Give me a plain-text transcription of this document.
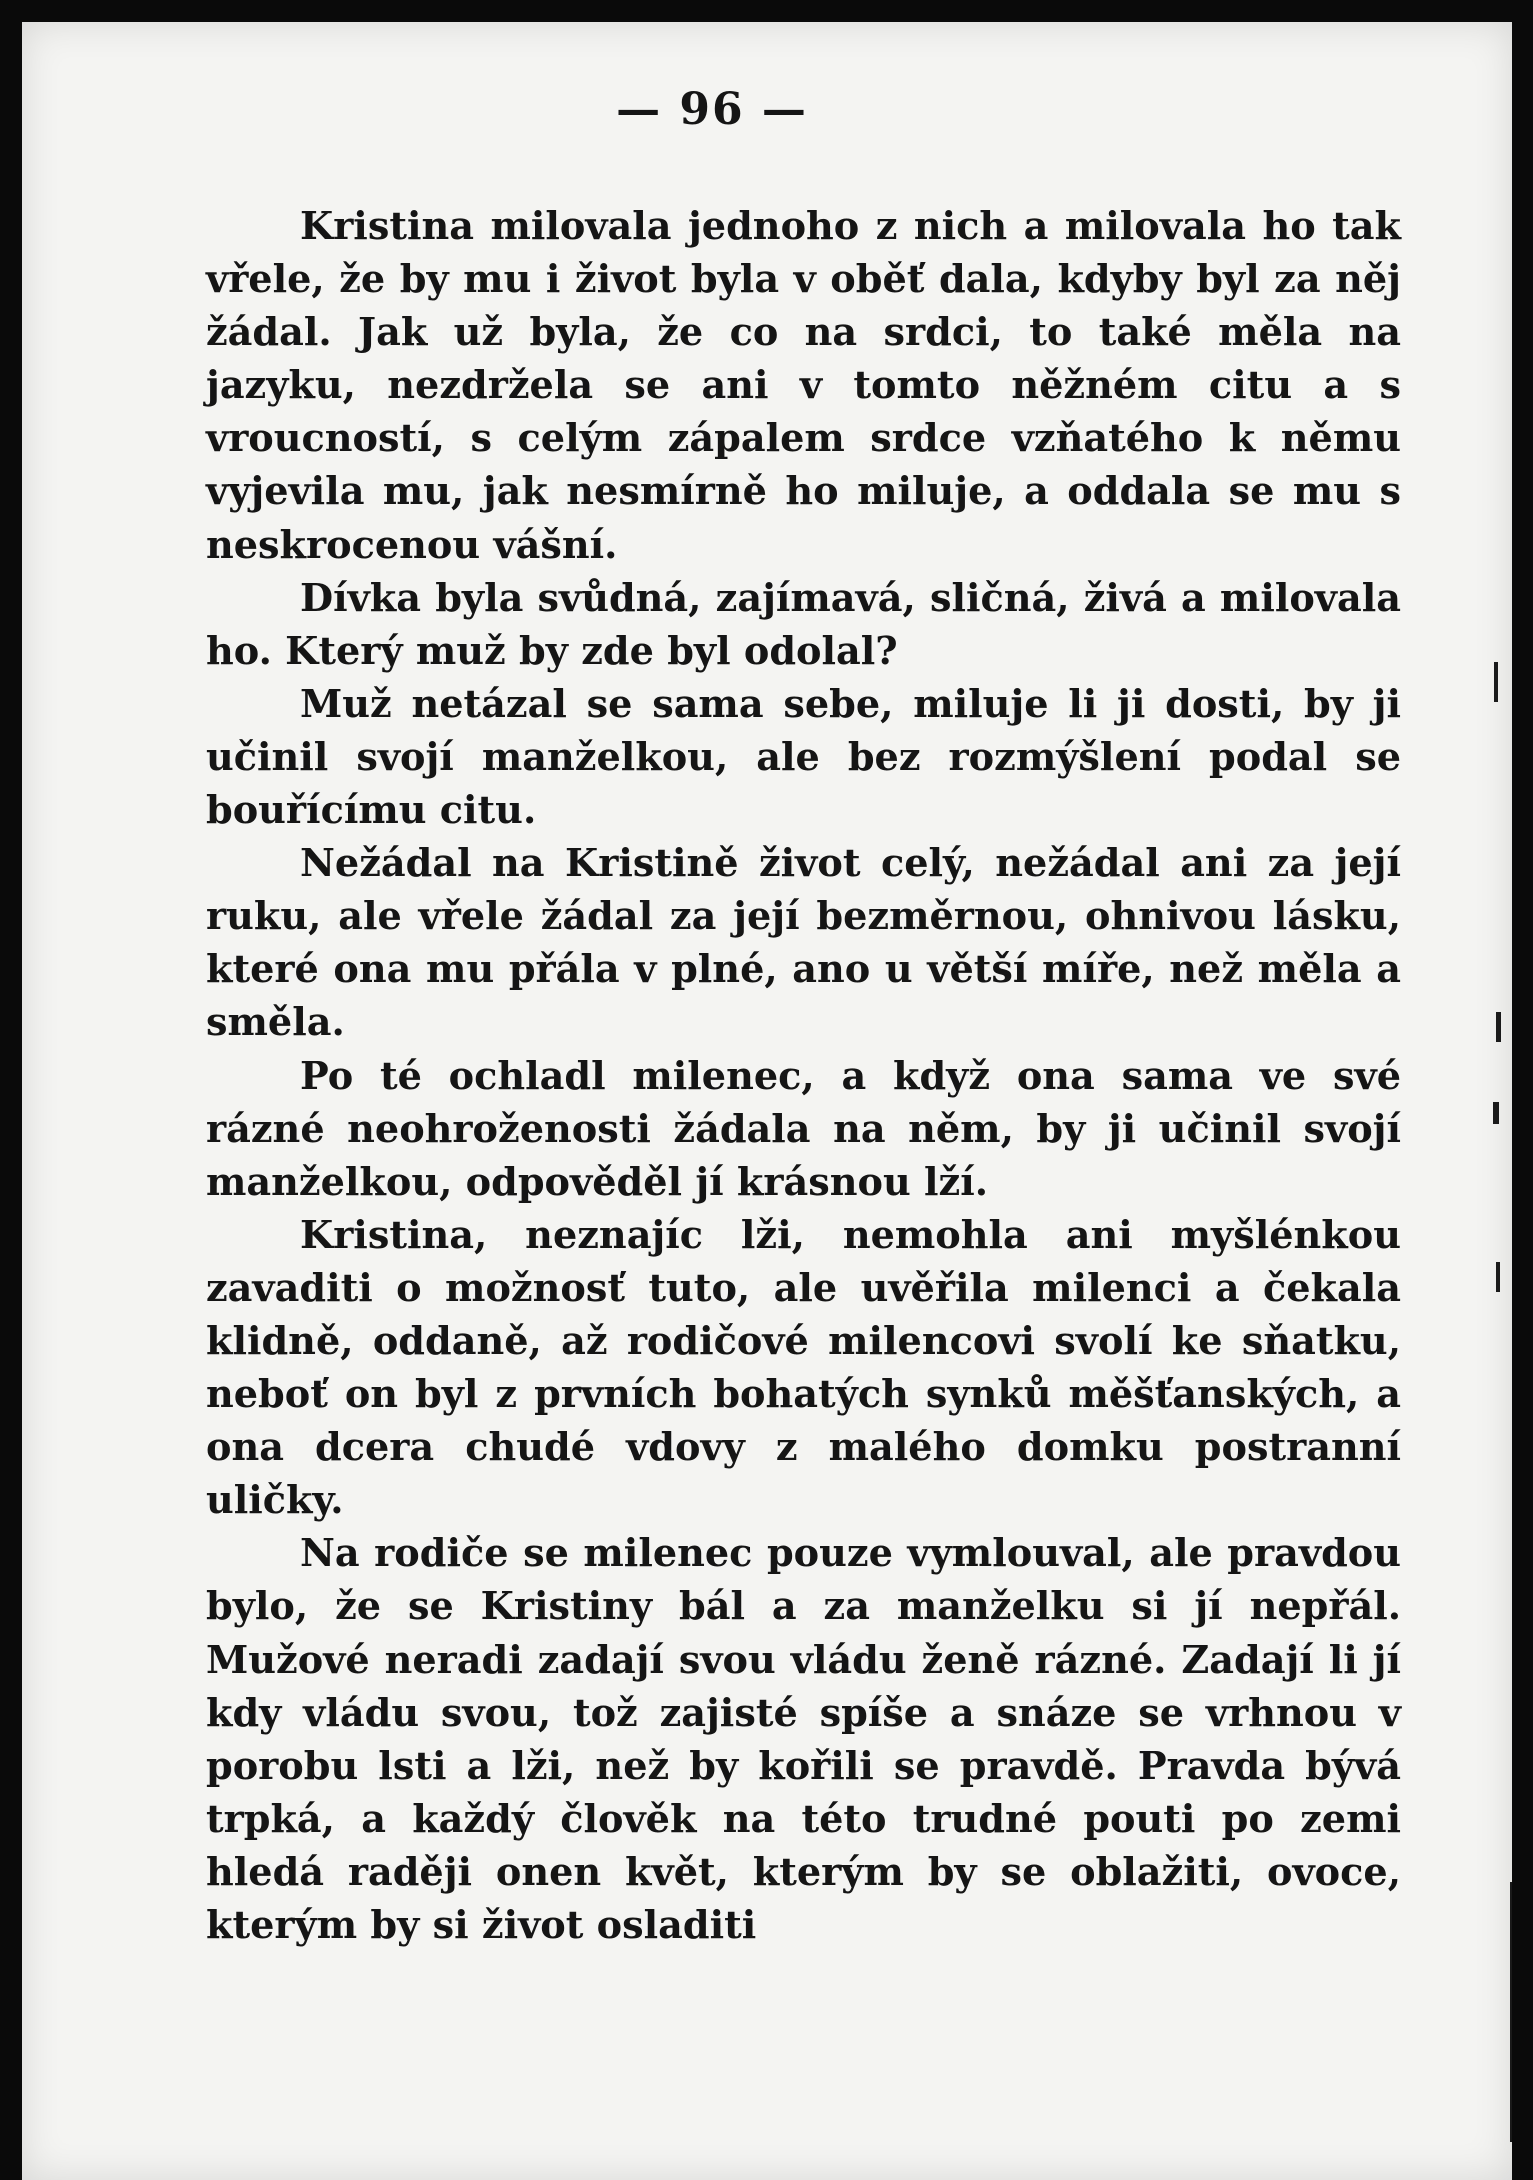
— 96 —

Kristina milovala jednoho z nich a milovala ho tak vřele, že by mu i život byla v oběť dala, kdyby byl za něj žádal. Jak už byla, že co na srdci, to také měla na jazyku, nezdržela se ani v tomto něžném citu a s vroucností, s celým zápalem srdce vzňatého k němu vyjevila mu, jak nesmírně ho miluje, a oddala se mu s neskrocenou vášní.

Dívka byla svůdná, zajímavá, sličná, živá a milovala ho. Který muž by zde byl odolal?

Muž netázal se sama sebe, miluje li ji dosti, by ji učinil svojí manželkou, ale bez rozmýšlení podal se bouřícímu citu.

Nežádal na Kristině život celý, nežádal ani za její ruku, ale vřele žádal za její bezměrnou, ohnivou lásku, které ona mu přála v plné, ano u větší míře, než měla a směla.

Po té ochladl milenec, a když ona sama ve své rázné neohroženosti žádala na něm, by ji učinil svojí manželkou, odpověděl jí krásnou lží.

Kristina, neznajíc lži, nemohla ani myšlénkou zavaditi o možnosť tuto, ale uvěřila milenci a čekala klidně, oddaně, až rodičové milencovi svolí ke sňatku, neboť on byl z prvních bohatých synků měšťanských, a ona dcera chudé vdovy z malého domku postranní uličky.

Na rodiče se milenec pouze vymlouval, ale pravdou bylo, že se Kristiny bál a za manželku si jí nepřál. Mužové neradi zadají svou vládu ženě rázné. Zadají li jí kdy vládu svou, tož zajisté spíše a snáze se vrhnou v porobu lsti a lži, než by kořili se pravdě. Pravda bývá trpká, a každý člověk na této trudné pouti po zemi hledá raději onen květ, kterým by se oblažiti, ovoce, kterým by si život osladiti
